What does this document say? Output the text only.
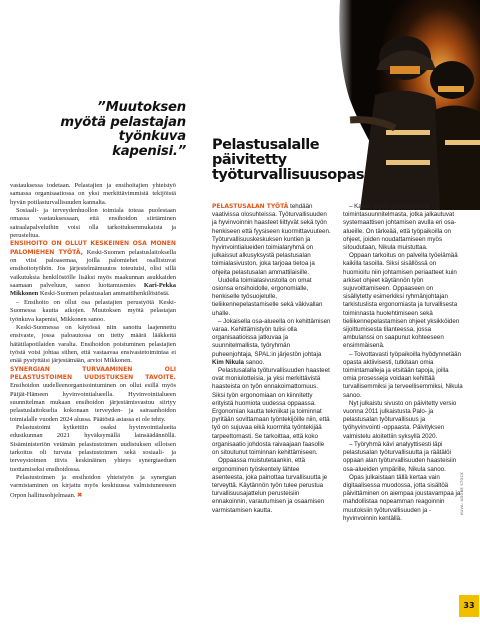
”Muutoksen myötä pelastajan työnkuva kapenisi.”

vastauksessa todetaan. Pelastajien ja ensihoitajien yhteistyö samassa organisaatiossa on yksi merkittävimmistä tekijöistä hyvän potilasturvallisuuden kannalta.

Sosiaali- ja terveydenhuollon toimiala toteaa puolestaan omassa vastauksessaan, että ensihoidon siirtäminen sairaalapalveluihin voisi olla tarkoituksenmukaista ja perusteltua.

ENSIHOITO ON OLLUT KESKEINEN OSA MONEN PALOMIEHEN TYÖTÄ, Keski-Suomen pelastuslaitoksella on viisi paloasemaa, joilla palomiehet osallistuvat ensihoitotyöhön. Jos järjestelmämuutos toteutuisi, olisi sillä vaikutuksia henkilöstölle lisäksi myös maakunnan asukkaiden saamaan palveluun, sanoo luottamusmies Kari-Pekka Mikkonen Keski-Suomen pelastusalan ammattihenkilöstöstä.

– Ensihoito on ollut osa pelastajien perustyötä Keski-Suomessa kautta aikojen. Muutoksen myötä pelastajan työnkuva kapenisi, Mikkonen sanoo.

Keski-Suomessa on käytössä niin sanottu laajennettu ensivaste, jossa paloautossa on tietty määrä lääkkeitä hätätilapotilaiden varalta. Ensihoidon poistuminen pelastajien työstä voisi johtaa siihen, että vastaavaa ensivastetoimintaa ei enää pystyttäisi järjestämään, arvioi Mikkonen.

SYNERGIAN TURVAAMINEN OLI PELASTUSTOIMEN UUDISTUKSEN TAVOITE. Ensihoidon uudelleenorganisointuminen on ollut esillä myös Päijät-Hämeen hyvinvointialueella. Hyvinvointialueen suunnitelman mukaan ensihoidon järjestämisvastuu siirtyy pelastuslaitokselta kokonaan terveyden- ja sairaanhoidon toimialalle vuoden 2024 alussa. Päätöstä asiassa ei ole tehty.

Pelastustoimi kytkettiin osaksi hyvinvointialueita edustkunnan 2021 hyväksymällä lainsäädännöllä. Sisäministeriön vetämän pelastustoimen uudistuksen silloisen tarkoitus oli turvata pelastustoimen sekä sosiaali- ja terveystoimen tiivis keskinäinen yhteys synergiaeduen tuottamiseksi ensihoidossa.

Pelastustoimen ja ensihoidon yhteistyön ja synergian varmistaminen on kirjattu myös keskiuussa valmistuneeseen Orpon hallitusohjelmaan. ✖

Pelastusalalle päivitetty työturvallisuusopas

PELASTUSALAN TYÖTÄ tehdään vaativissa olosuhteissa. Työturvallisuuden ja hyvinvoinnin haasteet liittyvät sekä työn henkiseen että fyysiseen kuormittavuuteen. Työturvallisuuskeskuksen kuntien ja hyvinvointialueiden toimialaryhmä on julkaissut alkusyksystä pelastusalan toimialasivuston, joka tarjoaa tietoa ja ohjeita pelastusalan ammattilaisille.

Uudella toimialasivustolla on omat osionsa ensihoidolle, ergonomialle, henkiselle työsuojelulle, tieliikennepelastamiselle sekä väkivallan uhalle.

– Jokaisella osa-alueella on kehittämisen varaa. Kehittämistyön tulisi olla organisaatioissa jatkuvaa ja suunnitelmallista, työryhmän puheenjohtaja, SPAL:in järjestön johtaja Kim Nikula sanoo.

Pelastusalalla työturvallisuuden haasteet ovat moniulotteisia, ja yksi merkittävistä haasteista on työn ennakoimattomuus. Siksi työn ergonomiaan on kiinnitetty erityistä huomiota uudessa oppaassa. Ergonomian kautta tekniikat ja toiminnat pyritään sovittamaan työntekijöille niin, että työ on sujuvaa eikä kuormita työntekijää tarpeettomasti. Se tarkoittaa, että koko organisaatio johdosta raivaajaan faasolle on sitoutunut toiminnan kehittämiseen.

Oppaassa muistutetaankin, että ergonominen työskentely lähtee asenteesta, joka painottaa turvallisuutta je terveyttä. Käytännön työn tulee perustua turvallisuusajattelun perusteisiin ennakoinnin, varautumisen ja osaamisen varmistamisen kautta.

– Kaikki lähtee strategiasta ja toimintasuunnitelmasta, jotka jalkautuvat systemaattisen johtamisen avulla eri osa-alueille. On tärkeää, että työpaikoilla on ohjeet, joiden noudattamiseen myös sitoudutaan, Nikula muistuttaa.

Oppaan tarkoitus on palvella työelämää kaikilla tasoilla. Siksi sisällössä on huomioitu niin johtamisen periaatteet kuin arkiset ohjeet käytännön työn sujuvoittamiseen. Oppaaseen on sisällytetty esimerkiksi ryhmänjohtajan tarkistuslista ergonomiasta ja turvallisesta toiminnasta huolehtimiseen sekä tieliikennepelastamisen ohjeet yksikköiden sijoittumisesta tilanteessa, jossa ambulanssi on saapunut kohteeseen ensimmäisenä.

– Toivottavasti työpaikoilla hyödynnetään opasta aktiivisesti, tutkitaan omia toimintamalleja ja etsitään tapoja, joilla omia prosesseja voidaan kehittää turvallisemmiksi ja terveellisemmiksi, Nikula sanoo.

Nyt julkaistu sivusto on päivitetty versio vuonna 2011 julkaistusta Palo- ja pelastusalan työturvallisuus ja työhyvinvointi -oppaasta. Päivityksen valmistelu aloitettiin syksyllä 2020.

– Työryhmä kävi analyyttisesti läpi pelastusalan työturvallisuutta ja räätälöi oppaan alan työturvallisuuden haasteisiin osa-alueiden ympärille, Nikula sanoo.

Opas julkaistaan tällä kertaa vain digitaalisessa muodossa, jotta sisältöä päivittäminen on aiempaa joustavampaa ja mahdollistaa nopeamman reagoinnin muutoksiin työturvallisuuden ja -hyvinvoinnin kentällä.

KUVA: ADOBE STOCK
33
